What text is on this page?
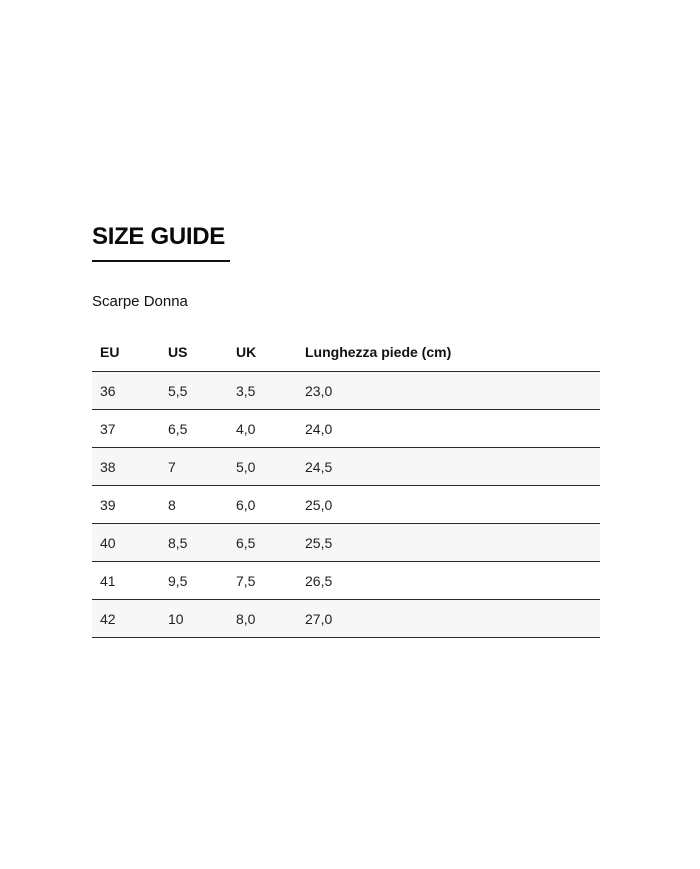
SIZE GUIDE
Scarpe Donna
EU	US	UK	Lunghezza piede (cm)
36	5,5	3,5	23,0
37	6,5	4,0	24,0
38	7	5,0	24,5
39	8	6,0	25,0
40	8,5	6,5	25,5
41	9,5	7,5	26,5
42	10	8,0	27,0
